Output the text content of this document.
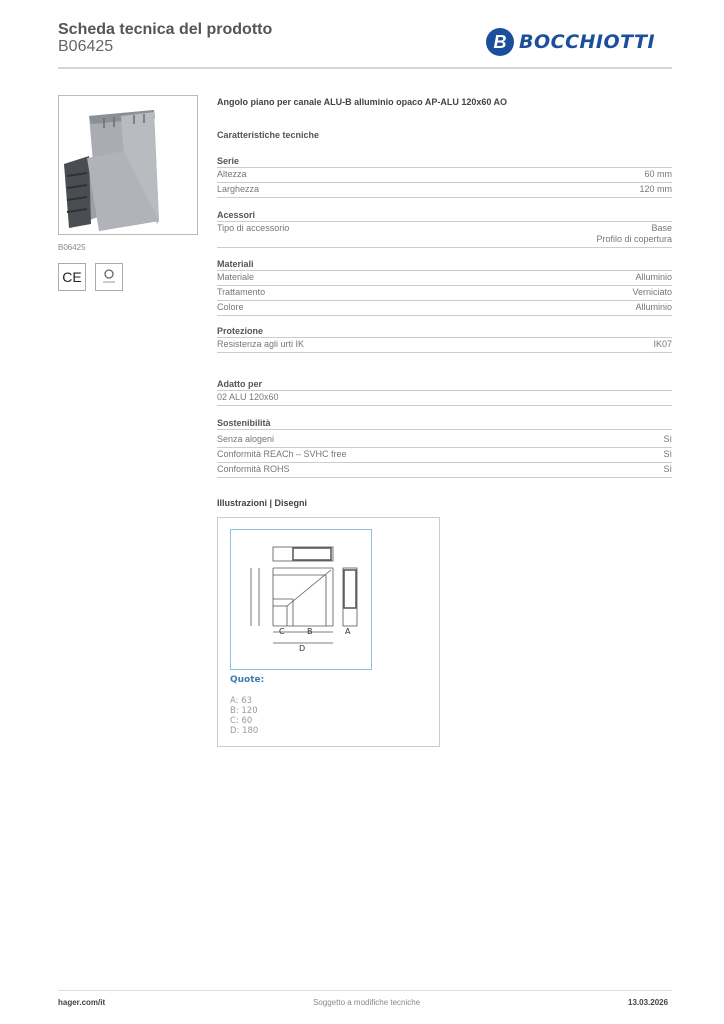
Scheda tecnica del prodotto
B06425	B BOCCHIOTTI
B06425
CE
Angolo piano per canale ALU-B alluminio opaco AP-ALU 120x60 AO
Caratteristiche tecniche
Serie
Altezza	60 mm
Larghezza	120 mm
Acessori
Tipo di accessorio	Base
Profilo di copertura
Materiali
Materiale	Alluminio
Trattamento	Verniciato
Colore	Alluminio
Protezione
Resistenza agli urti IK	IK07
Adatto per
02 ALU 120x60
Sostenibilità
Senza alogeni	Sì
Conformità REACh – SVHC free	Sì
Conformità ROHS	Sì
Illustrazioni | Disegni
A
B
C
D
Quote:
A: 63
B: 120
C: 60
D: 180
hager.com/it	Soggetto a modifiche tecniche	13.03.2026
